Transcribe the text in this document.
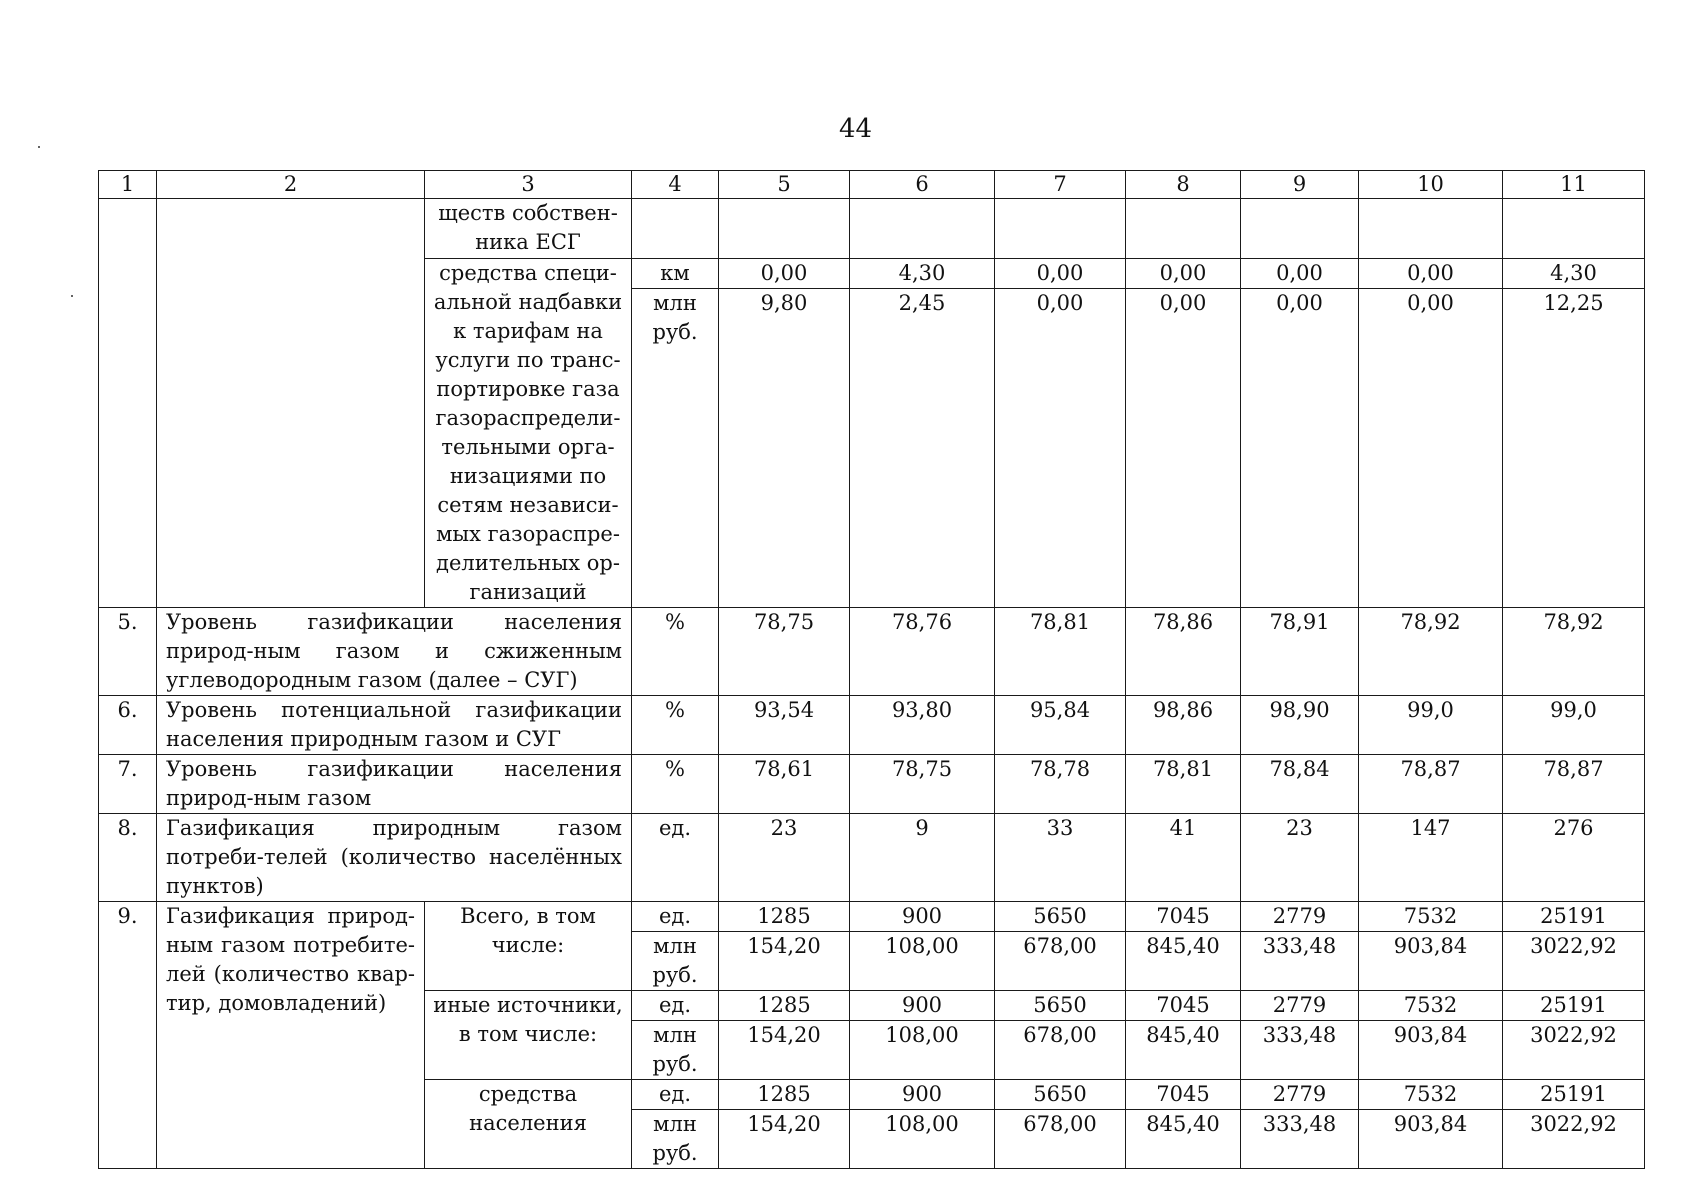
44
1	2	3	4	5	6	7	8	9	10	11
		ществ собствен-ника ЕСГ								
		средства специ-альной надбавки к тарифам на услуги по транс-портировке газа газораспредели-тельными орга-низациями по сетям независи-мых газораспре-делительных ор-ганизаций	км	0,00	4,30	0,00	0,00	0,00	0,00	4,30
			млн руб.	9,80	2,45	0,00	0,00	0,00	0,00	12,25
5.	Уровень газификации населения природ-ным газом и сжиженным углеводородным газом (далее – СУГ)		%	78,75	78,76	78,81	78,86	78,91	78,92	78,92
6.	Уровень потенциальной газификации населения природным газом и СУГ		%	93,54	93,80	95,84	98,86	98,90	99,0	99,0
7.	Уровень газификации населения природ-ным газом		%	78,61	78,75	78,78	78,81	78,84	78,87	78,87
8.	Газификация природным газом потреби-телей (количество населённых пунктов)		ед.	23	9	33	41	23	147	276
9.	Газификация природ-ным газом потребите-лей (количество квар-тир, домовладений)	Всего, в том числе:	ед.	1285	900	5650	7045	2779	7532	25191
			млн руб.	154,20	108,00	678,00	845,40	333,48	903,84	3022,92
		иные источники, в том числе:	ед.	1285	900	5650	7045	2779	7532	25191
			млн руб.	154,20	108,00	678,00	845,40	333,48	903,84	3022,92
		средства населения	ед.	1285	900	5650	7045	2779	7532	25191
			млн руб.	154,20	108,00	678,00	845,40	333,48	903,84	3022,92
